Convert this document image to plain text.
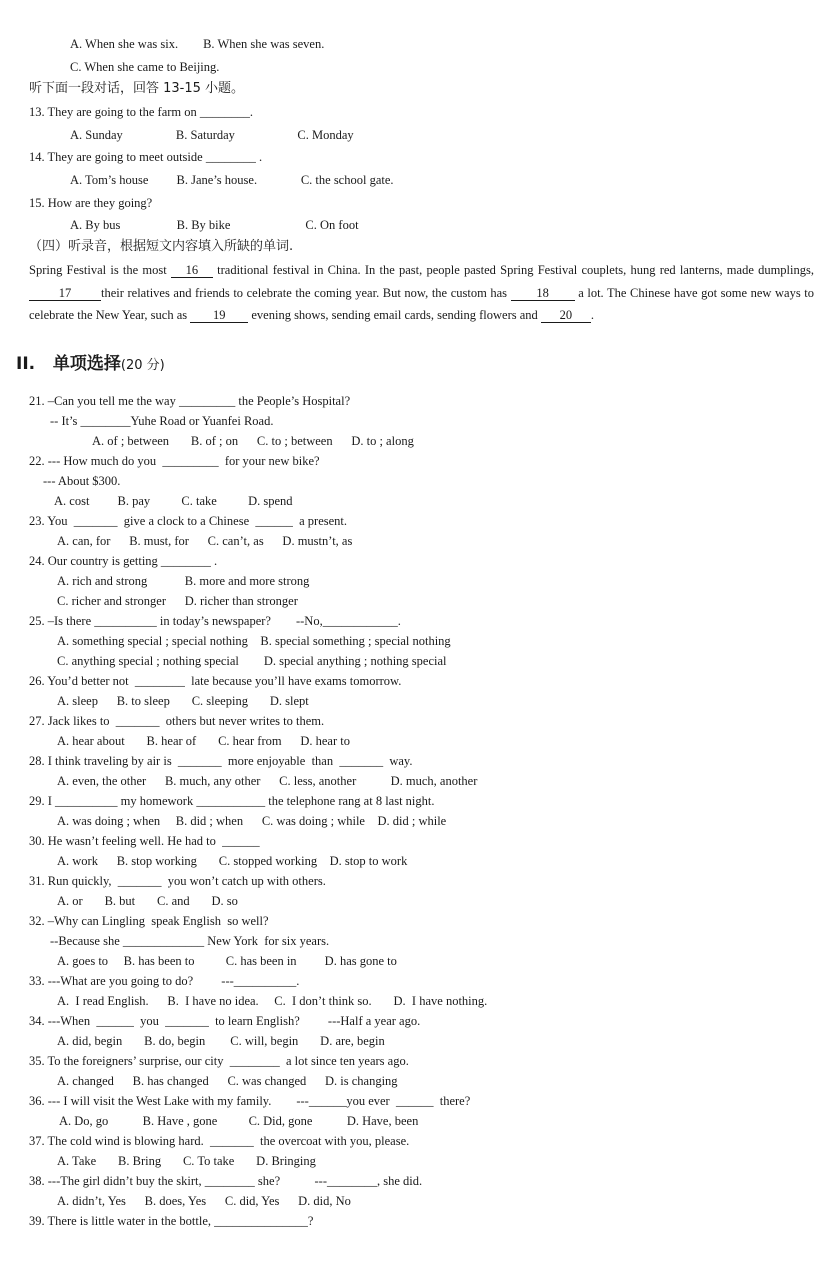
A. When she was six.        B. When she was seven.
C. When she came to Beijing.
听下面一段对话，回答 13-15 小题。
13. They are going to the farm on ________.
A. Sunday                 B. Saturday                    C. Monday
14. They are going to meet outside ________ .
A. Tom’s house         B. Jane’s house.              C. the school gate.
15. How are they going?
A. By bus                  B. By bike                        C. On foot
（四）听录音，根据短文内容填入所缺的单词.
21. –Can you tell me the way _________ the People’s Hospital?
-- It’s ________Yuhe Road or Yuanfei Road.
A. of ; between       B. of ; on      C. to ; between      D. to ; along
22. --- How much do you  _________  for your new bike?
--- About $300.
A. cost         B. pay          C. take          D. spend
23. You  _______  give a clock to a Chinese  ______  a present.
A. can, for      B. must, for      C. can’t, as      D. mustn’t, as
24. Our country is getting ________ .
A. rich and strong            B. more and more strong
C. richer and stronger      D. richer than stronger
25. –Is there __________ in today’s newspaper?        --No,____________.
A. something special ; special nothing    B. special something ; special nothing
C. anything special ; nothing special        D. special anything ; nothing special
26. You’d better not  ________  late because you’ll have exams tomorrow.
A. sleep      B. to sleep       C. sleeping       D. slept
27. Jack likes to  _______  others but never writes to them.
A. hear about       B. hear of       C. hear from      D. hear to
28. I think traveling by air is  _______  more enjoyable  than  _______  way.
A. even, the other      B. much, any other      C. less, another           D. much, another
29. I __________ my homework ___________ the telephone rang at 8 last night.
A. was doing ; when     B. did ; when      C. was doing ; while    D. did ; while
30. He wasn’t feeling well. He had to  ______
A. work      B. stop working       C. stopped working    D. stop to work
31. Run quickly,  _______  you won’t catch up with others.
A. or       B. but       C. and       D. so
32. –Why can Lingling  speak English  so well?
--Because she _____________ New York  for six years.
A. goes to     B. has been to          C. has been in         D. has gone to
33. ---What are you going to do?         ---__________.
A.  I read English.      B.  I have no idea.     C.  I don’t think so.       D.  I have nothing.
34. ---When  ______  you  _______  to learn English?         ---Half a year ago.
A. did, begin       B. do, begin        C. will, begin       D. are, begin
35. To the foreigners’ surprise, our city  ________  a lot since ten years ago.
A. changed      B. has changed      C. was changed      D. is changing
36. --- I will visit the West Lake with my family.        ---______you ever  ______  there?
A. Do, go           B. Have , gone          C. Did, gone           D. Have, been
37. The cold wind is blowing hard.  _______  the overcoat with you, please.
A. Take       B. Bring       C. To take       D. Bringing
38. ---The girl didn’t buy the skirt, ________ she?           ---________, she did.
A. didn’t, Yes      B. does, Yes      C. did, Yes      D. did, No
39. There is little water in the bottle, _______________?
Spring Festival is the most 16 traditional festival in China. In the past, people pasted Spring Festival couplets, hung red lanterns, made dumplings, 17 their relatives and friends to celebrate the coming year. But now, the custom has 18 a lot. The Chinese have got some new ways to celebrate the New Year, such as 19 evening shows, sending email cards, sending flowers and 20 .
II. 单项选择(20 分)
